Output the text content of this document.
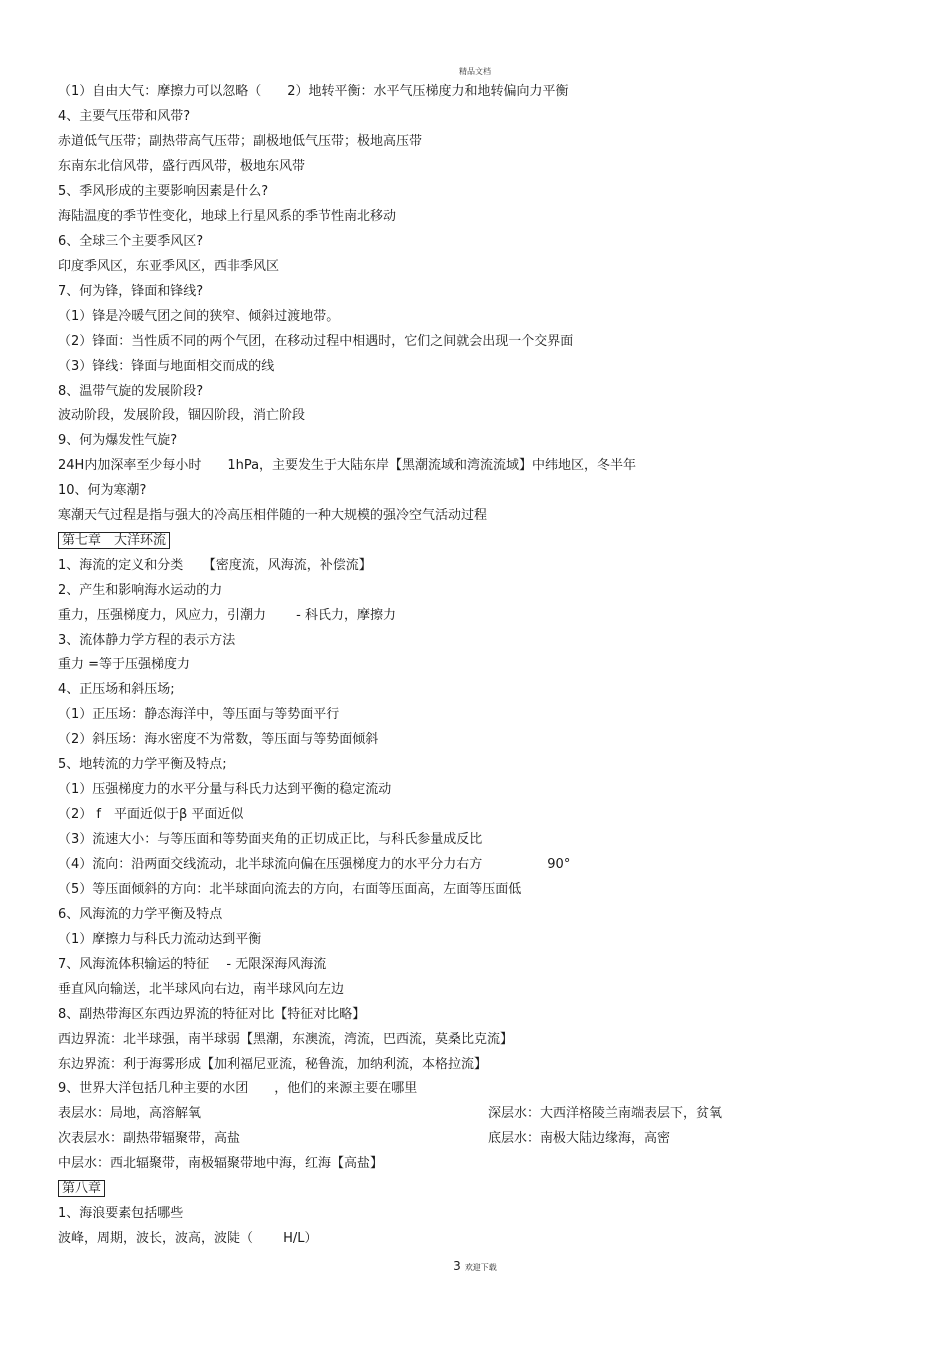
精品文档
（1）自由大气：摩擦力可以忽略（　　2）地转平衡：水平气压梯度力和地转偏向力平衡
4、主要气压带和风带?
赤道低气压带；副热带高气压带；副极地低气压带；极地高压带
东南东北信风带，盛行西风带，极地东风带
5、季风形成的主要影响因素是什么?
海陆温度的季节性变化，地球上行星风系的季节性南北移动
6、全球三个主要季风区?
印度季风区，东亚季风区，西非季风区
7、何为锋，锋面和锋线?
（1）锋是冷暖气团之间的狭窄、倾斜过渡地带。
（2）锋面：当性质不同的两个气团，在移动过程中相遇时，它们之间就会出现一个交界面
（3）锋线：锋面与地面相交而成的线
8、温带气旋的发展阶段?
波动阶段，发展阶段，锢囚阶段，消亡阶段
9、何为爆发性气旋?
24H内加深率至少每小时　　1hPa，主要发生于大陆东岸【黑潮流域和湾流流域】中纬地区，冬半年
10、何为寒潮?
寒潮天气过程是指与强大的冷高压相伴随的一种大规模的强冷空气活动过程
第七章　大洋环流
1、海流的定义和分类　　【密度流，风海流，补偿流】
2、产生和影响海水运动的力
重力，压强梯度力，风应力，引潮力　　 - 科氏力，摩擦力
3、流体静力学方程的表示方法
重力 =等于压强梯度力
4、正压场和斜压场;
（1）正压场：静态海洋中，等压面与等势面平行
（2）斜压场：海水密度不为常数，等压面与等势面倾斜
5、地转流的力学平衡及特点;
（1）压强梯度力的水平分量与科氏力达到平衡的稳定流动
（2） f　平面近似于β 平面近似
（3）流速大小：与等压面和等势面夹角的正切成正比，与科氏参量成反比
（4）流向：沿两面交线流动，北半球流向偏在压强梯度力的水平分力右方　　　　　90°
（5）等压面倾斜的方向：北半球面向流去的方向，右面等压面高，左面等压面低
6、风海流的力学平衡及特点
（1）摩擦力与科氏力流动达到平衡
7、风海流体积输运的特征　 - 无限深海风海流
垂直风向输送，北半球风向右边，南半球风向左边
8、副热带海区东西边界流的特征对比【特征对比略】
西边界流：北半球强，南半球弱【黑潮，东澳流，湾流，巴西流，莫桑比克流】
东边界流：利于海雾形成【加利福尼亚流，秘鲁流，加纳利流，本格拉流】
9、世界大洋包括几种主要的水团　　，他们的来源主要在哪里
表层水：局地，高溶解氧	深层水：大西洋格陵兰南端表层下，贫氧
次表层水：副热带辐聚带，高盐	底层水：南极大陆边缘海，高密
中层水：西北辐聚带，南极辐聚带地中海，红海【高盐】
第八章
1、海浪要素包括哪些
波峰，周期，波长，波高，波陡（　　 H/L）
3 欢迎下载
